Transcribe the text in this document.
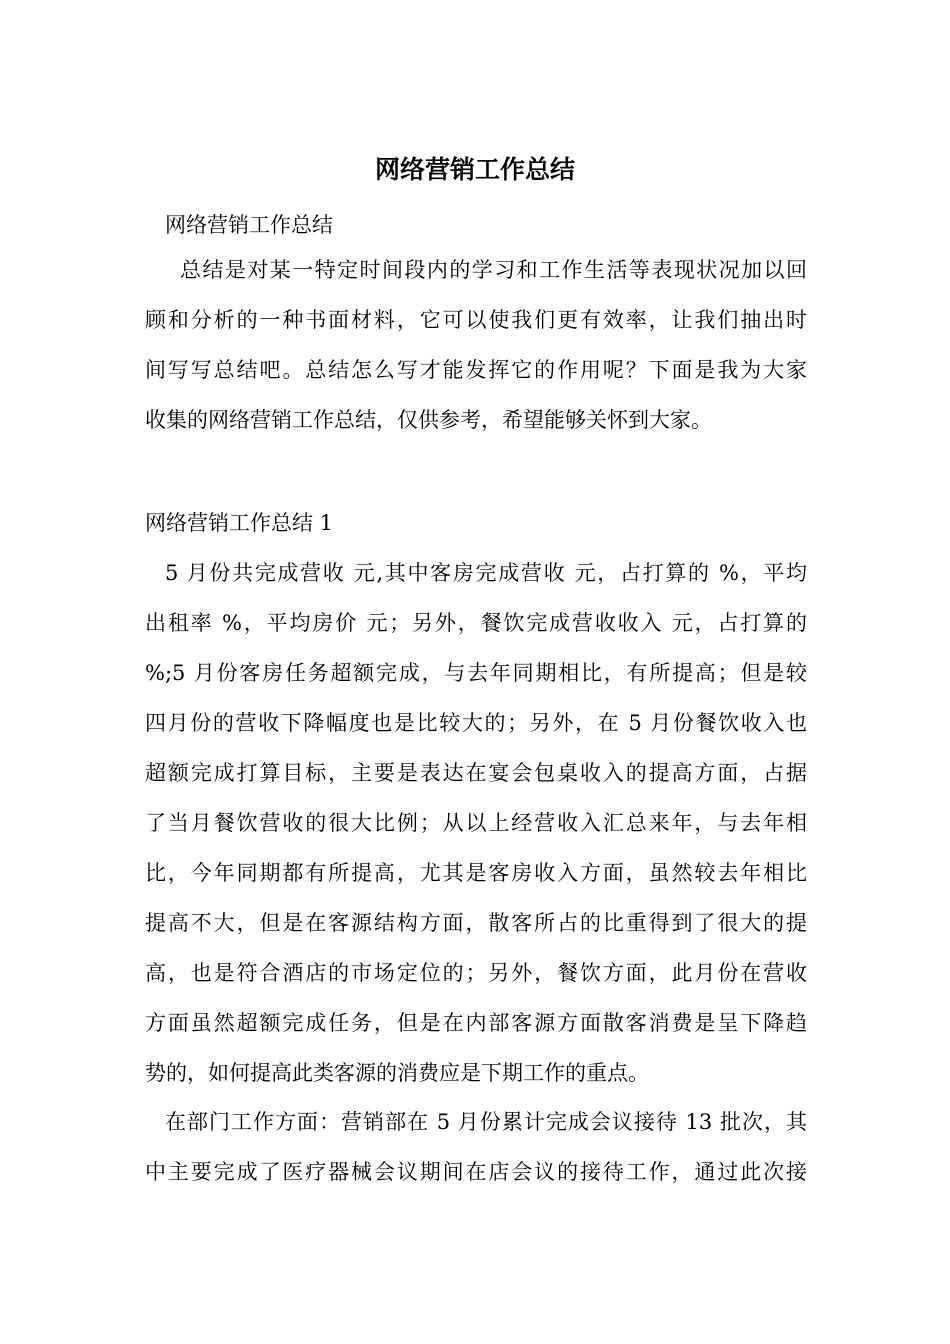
网络营销工作总结

网络营销工作总结

总结是对某一特定时间段内的学习和工作生活等表现状况加以回
顾和分析的一种书面材料，它可以使我们更有效率，让我们抽出时
间写写总结吧。总结怎么写才能发挥它的作用呢？下面是我为大家
收集的网络营销工作总结，仅供参考，希望能够关怀到大家。

网络营销工作总结 1

5 月份共完成营收 元,其中客房完成营收 元，占打算的 %，平均
出租率 %，平均房价 元；另外，餐饮完成营收收入 元，占打算的
%;5 月份客房任务超额完成，与去年同期相比，有所提高；但是较
四月份的营收下降幅度也是比较大的；另外，在 5 月份餐饮收入也
超额完成打算目标，主要是表达在宴会包桌收入的提高方面，占据
了当月餐饮营收的很大比例；从以上经营收入汇总来年，与去年相
比，今年同期都有所提高，尤其是客房收入方面，虽然较去年相比
提高不大，但是在客源结构方面，散客所占的比重得到了很大的提
高，也是符合酒店的市场定位的；另外，餐饮方面，此月份在营收
方面虽然超额完成任务，但是在内部客源方面散客消费是呈下降趋
势的，如何提高此类客源的消费应是下期工作的重点。
在部门工作方面：营销部在 5 月份累计完成会议接待 13 批次，其
中主要完成了医疗器械会议期间在店会议的接待工作，通过此次接
